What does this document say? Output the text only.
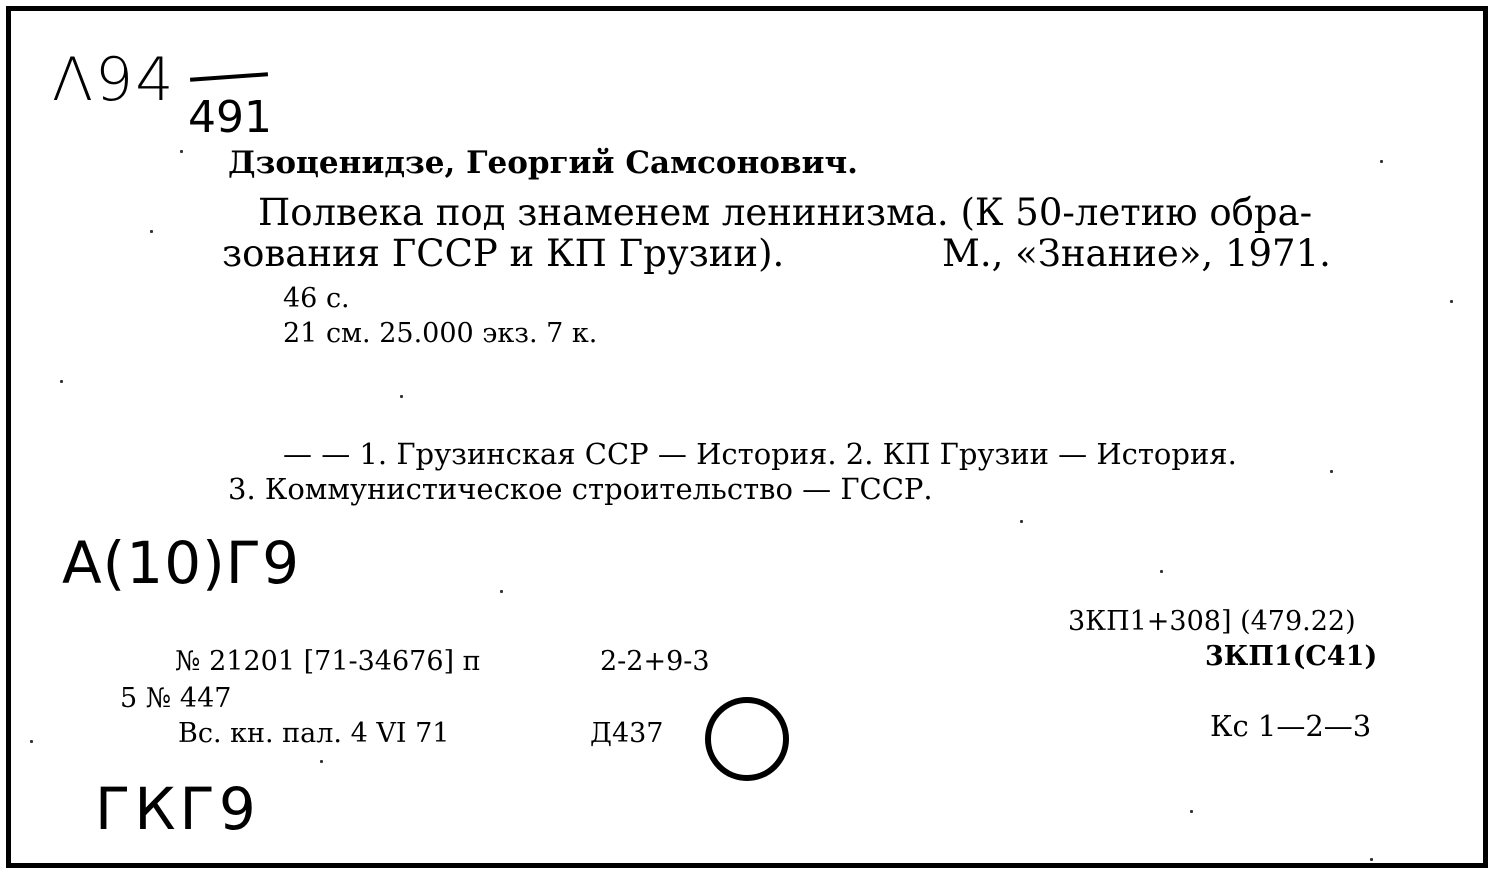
Λ94
491
Дзоценидзе, Георгий Самсонович.
Полвека под знаменем ленинизма. (К 50-летию обра-
зования ГССР и КП Грузии).	М., «Знание», 1971.
46 с.
21 см. 25.000 экз. 7 к.
— — 1. Грузинская ССР — История. 2. КП Грузии — История.
3. Коммунистическое строительство — ГССР.
A(10)Г9
3КП1+308] (479.22)
3КП1(С41)
№ 21201 [71-34676] п	2-2+9-3
5 № 447
Вс. кн. пал. 4 VI 71	Д437	Кс 1—2—3
ГКГ9
